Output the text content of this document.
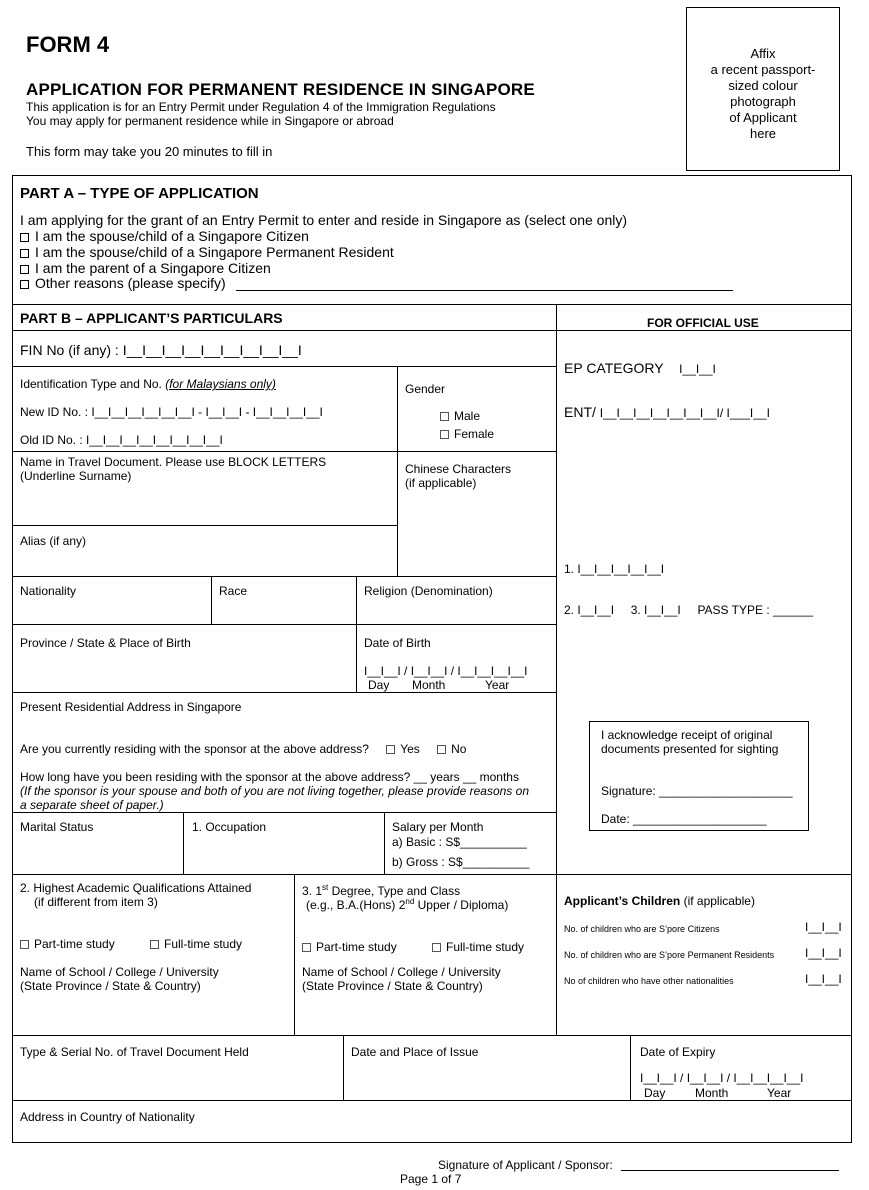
FORM 4
APPLICATION FOR PERMANENT RESIDENCE IN SINGAPORE
This application is for an Entry Permit under Regulation 4 of the Immigration Regulations
You may apply for permanent residence while in Singapore or abroad
This form may take you 20 minutes to fill in
Affix
a recent passport-
sized colour
photograph
of Applicant
here
PART A – TYPE OF APPLICATION
I am applying for the grant of an Entry Permit to enter and reside in Singapore as (select one only)
I am the spouse/child of a Singapore Citizen
I am the spouse/child of a Singapore Permanent Resident
I am the parent of a Singapore Citizen
Other reasons (please specify)
PART B – APPLICANT’S PARTICULARS	FOR OFFICIAL USE
FIN No (if any) : I__I__I__I__I__I__I__I__I__I
Identification Type and No. (for Malaysians only)
New ID No. : I__I__I__I__I__I__I - I__I__I - I__I__I__I__I
Old ID No. : I__I__I__I__I__I__I__I__I
Gender
Male
Female
Name in Travel Document. Please use BLOCK LETTERS
(Underline Surname)	Chinese Characters
(if applicable)
Alias (if any)
Nationality	Race	Religion (Denomination)
Province / State & Place of Birth	Date of Birth
I__I__I / I__I__I / I__I__I__I__I
Day Month	Year
Present Residential Address in Singapore
Are you currently residing with the sponsor at the above address?	Yes	No
How long have you been residing with the sponsor at the above address? __ years __ months
(If the sponsor is your spouse and both of you are not living together, please provide reasons on
a separate sheet of paper.)
Marital Status	1. Occupation	Salary per Month
a) Basic : S$__________
b) Gross : S$__________
2. Highest Academic Qualifications Attained
(if different from item 3)
Part-time study	Full-time study
Name of School / College / University
(State Province / State & Country)
3. 1st Degree, Type and Class
(e.g., B.A.(Hons) 2nd Upper / Diploma)
Part-time study	Full-time study
Name of School / College / University
(State Province / State & Country)
Applicant’s Children (if applicable)
No. of children who are S’pore Citizens	I__I__I
No. of children who are S’pore Permanent Residents	I__I__I
No of children who have other nationalities	I__I__I
Type & Serial No. of Travel Document Held	Date and Place of Issue	Date of Expiry
I__I__I / I__I__I / I__I__I__I__I
Day Month	Year
Address in Country of Nationality
EP CATEGORY I__I__I
ENT/ I__I__I__I__I__I__I__I/ I___I__I
1. I__I__I__I__I__I
2. I__I__I 3. I__I__I PASS TYPE : ______
I acknowledge receipt of original
documents presented for sighting
Signature: ____________________
Date: ____________________
Signature of Applicant / Sponsor:
Page 1 of 7
